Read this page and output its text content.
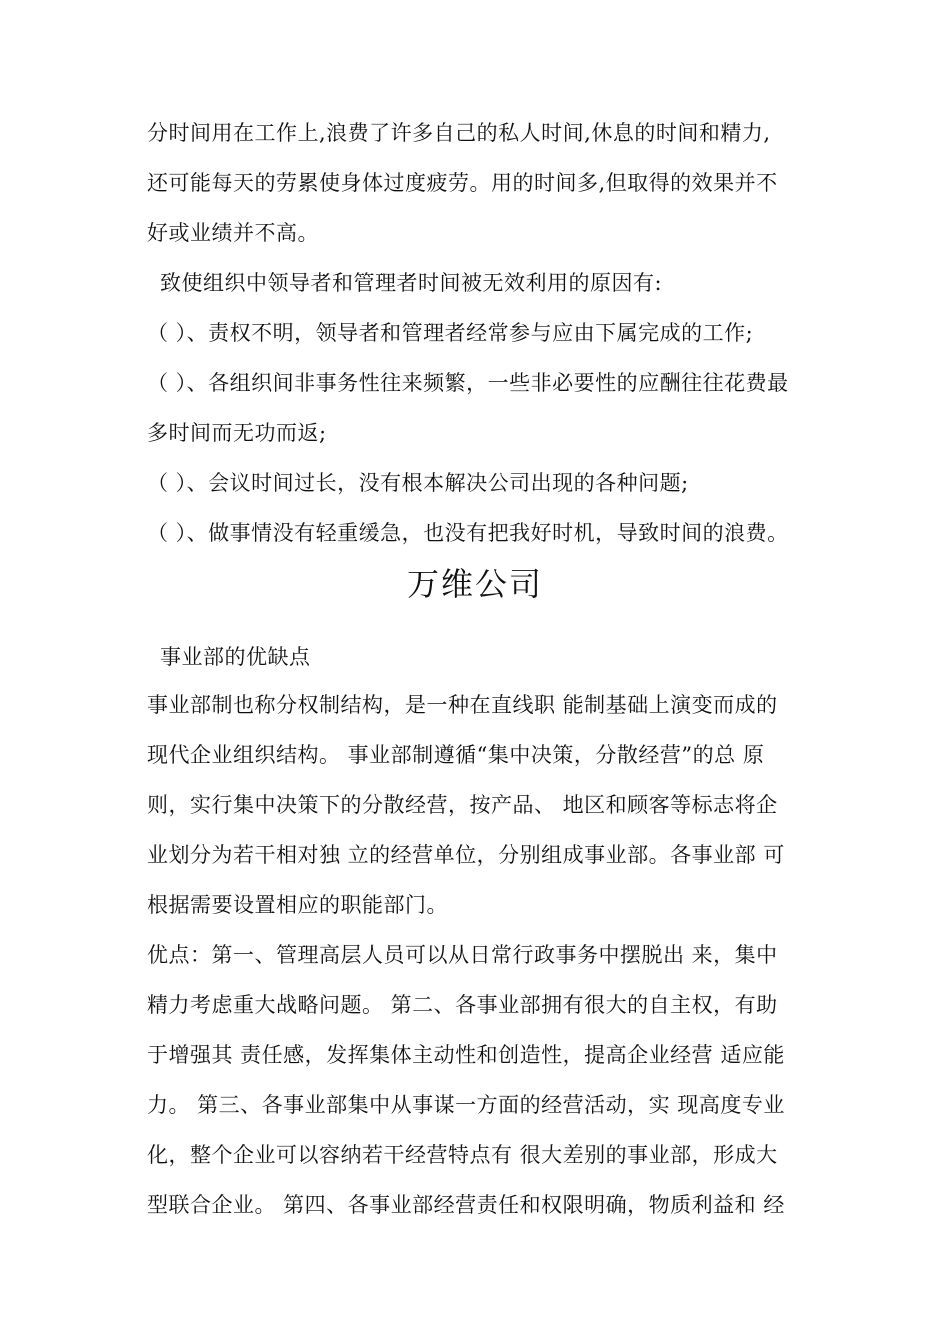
分时间用在工作上,浪费了许多自己的私人时间,休息的时间和精力,
还可能每天的劳累使身体过度疲劳。用的时间多,但取得的效果并不
好或业绩并不高。
致使组织中领导者和管理者时间被无效利用的原因有:
（ ）、责权不明，领导者和管理者经常参与应由下属完成的工作;
（ ）、各组织间非事务性往来频繁，一些非必要性的应酬往往花费最
多时间而无功而返;
（ ）、会议时间过长，没有根本解决公司出现的各种问题;
（ ）、做事情没有轻重缓急，也没有把我好时机，导致时间的浪费。
万维公司
事业部的优缺点
事业部制也称分权制结构，是一种在直线职 能制基础上演变而成的
现代企业组织结构。 事业部制遵循“集中决策，分散经营”的总 原
则，实行集中决策下的分散经营，按产品、 地区和顾客等标志将企
业划分为若干相对独 立的经营单位，分别组成事业部。各事业部 可
根据需要设置相应的职能部门。
优点：第一、管理高层人员可以从日常行政事务中摆脱出 来，集中
精力考虑重大战略问题。 第二、各事业部拥有很大的自主权，有助
于增强其 责任感，发挥集体主动性和创造性，提高企业经营 适应能
力。 第三、各事业部集中从事谋一方面的经营活动，实 现高度专业
化，整个企业可以容纳若干经营特点有 很大差别的事业部，形成大
型联合企业。 第四、各事业部经营责任和权限明确，物质利益和 经
